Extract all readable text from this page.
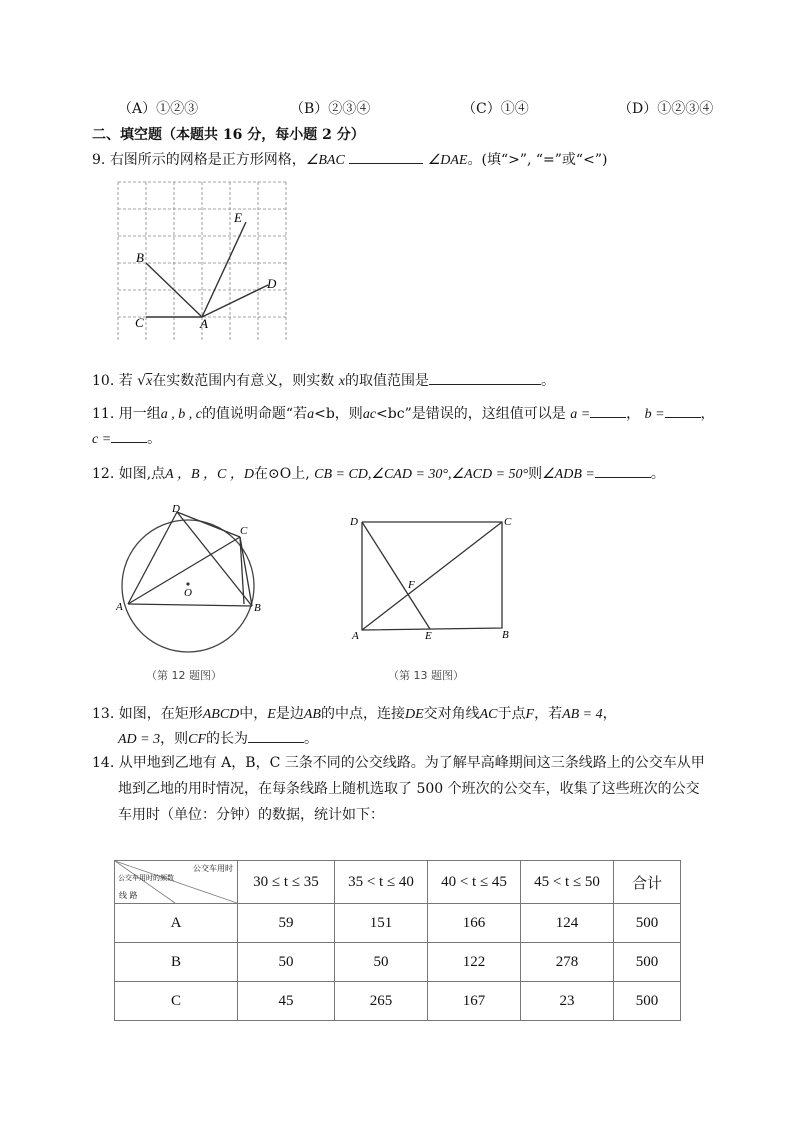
（A）①②③	（B）②③④	（C）①④	（D）①②③④
二、填空题（本题共 16 分，每小题 2 分）
9. 右图所示的网格是正方形网格，∠BAC	∠DAE。(填“>”, “=”或“<”)
A
B
C
D
E
10. 若 √x在实数范围内有意义，则实数 x的取值范围是	。
11. 用一组a , b , c的值说明命题“若a<b，则ac<bc”是错误的，这组值可以是 a =	， b =	，
c =	。
12. 如图,点A ，B ，C ，D在⊙O上, CB = CD,∠CAD = 30°,∠ACD = 50°则∠ADB =	。
A	B
C
D
O
（第 12 题图）
D	C
A	B
E
F
（第 13 题图）
13. 如图，在矩形ABCD中，E是边AB的中点，连接DE交对角线AC于点F，若AB = 4，
AD = 3，则CF的长为	。
14. 从甲地到乙地有 A，B，C 三条不同的公交线路。为了解早高峰期间这三条线路上的公交车从甲
地到乙地的用时情况，在每条线路上随机选取了 500 个班次的公交车，收集了这些班次的公交
车用时（单位：分钟）的数据，统计如下：
公交车用时
公交车用时的频数
线 路	30 ≤ t ≤ 35	35 < t ≤ 40	40 < t ≤ 45	45 < t ≤ 50	合计
A	59	151	166	124	500
B	50	50	122	278	500
C	45	265	167	23	500
